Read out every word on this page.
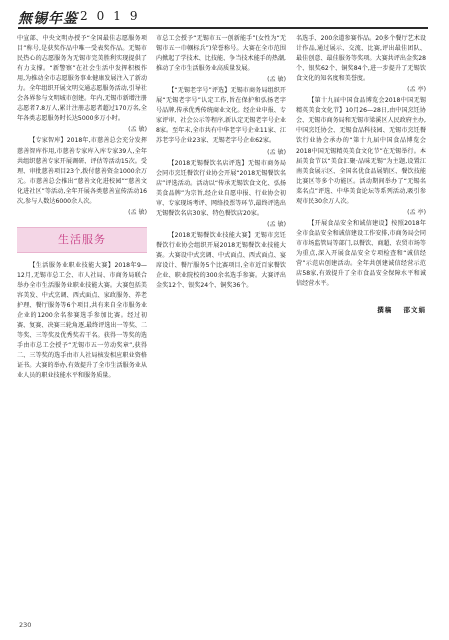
無锡年鉴 2019

中宣部、中央文明办授予“全国最佳志愿服务项目”称号,是获奖作品中唯一受表奖作品。无锡市民热心的志愿服务为无锡市完美胜利实现提供了有力支撑。“新警察”在社会生活中发挥积极作用,为推动全市志愿服务事业健康发展注入了新动力。全年组织开展文明交通志愿服务活动,引导社会各界参与文明城市创建。年内,无锡市新增注册志愿者7.8万人,累计注册志愿者超过170万名,全年各类志愿服务时长达5000多万小时。

(孟 敏)

【专家智库】2018年,市慈善总会充分发挥慈善智库作用,市慈善专家库入库专家39人,全年共组织慈善专家开展调研、评估等活动15次。受理、审批慈善项目23个,拨付慈善资金1000余万元。市慈善总会推出“慈善文化进校园”“慈善文化进社区”等活动,全年开展各类慈善宣传活动16次,参与人数达6000余人次。

(孟 敏)

生活服务

【生活服务业职业技能大赛】2018年9—12月,无锡市总工会、市人社局、市商务局联合举办全市生活服务业职业技能大赛。大赛包括美容美发、中式烹调、西式面点、家政服务、养老护理、餐厅服务等6个项目,共有来自全市服务业企业的1200余名参赛选手参加比赛。经过初赛、复赛、决赛三轮角逐,最终评选出一等奖、二等奖、三等奖及优秀奖若干名。获得一等奖的选手由市总工会授予“无锡市五一劳动奖章”,获得二、三等奖的选手由市人社局核发相应职业资格证书。大赛的举办,有效提升了全市生活服务业从业人员的职业技能水平和服务质量。

市总工会授予“无锡市五一创新能手”(女性为“无锡市五一巾帼标兵”)荣誉称号。大赛在全市范围内掀起了学技术、比技能、争当技术能手的热潮,推动了全市生活服务业高质量发展。

(孟 敏)

【“无锡老字号”评选】无锡市商务局组织开展“无锡老字号”认定工作,旨在保护和弘扬老字号品牌,传承优秀传统商业文化。经企业申报、专家评审、社会公示等程序,新认定无锡老字号企业8家。至年末,全市共有中华老字号企业11家、江苏老字号企业23家、无锡老字号企业62家。

(孟 敏)

【2018无锡餐饮名店评选】无锡市商务局会同市烹饪餐饮行业协会开展“2018无锡餐饮名店”评选活动。活动以“传承无锡饮食文化、弘扬美食品牌”为宗旨,经企业自愿申报、行业协会初审、专家现场考评、网络投票等环节,最终评选出无锡餐饮名店30家、特色餐饮店20家。

(孟 敏)

【2018无锡餐饮业技能大赛】无锡市烹饪餐饮行业协会组织开展2018无锡餐饮业技能大赛。大赛设中式烹调、中式面点、西式面点、宴席设计、餐厅服务5个比赛项目,全市近百家餐饮企业、职业院校的300余名选手参赛。大赛评出金奖12个、银奖24个、铜奖36个。

名选手、200余道参赛作品。20多个餐厅艺术设计作品,通过展示、交流、比赛,评出最佳团队、最佳创意、最佳服务等奖项。大赛共评出金奖28个、银奖62个、铜奖84个,进一步提升了无锡饮食文化的知名度和美誉度。

(孟 亭)

【第十九届中国食品博览会2018中国无锡精英美食文化节】10月26—28日,由中国烹饪协会、无锡市商务局和无锡市梁溪区人民政府主办,中国烹饪协会、无锡食品科技园、无锡市烹饪餐饮行业协会承办的“第十九届中国食品博览会2018中国无锡精英美食文化节”在无锡举行。本届美食节以“美食汇聚·品味无锡”为主题,设置江南美食展示区、全国名优食品展销区、餐饮技能比赛区等多个功能区。活动期间举办了“无锡名菜名点”评选、中华美食论坛等系列活动,吸引参观市民30余万人次。

(孟 亭)

【开展食品安全和诚信建设】按照2018年全市食品安全和诚信建设工作安排,市商务局会同市市场监管局等部门,以餐饮、商超、农贸市场等为重点,深入开展食品安全专项检查和“诚信经营”示范店创建活动。全年共创建诚信经营示范店58家,有效提升了全市食品安全保障水平和诚信经营水平。

撰稿 邵文娟
230
